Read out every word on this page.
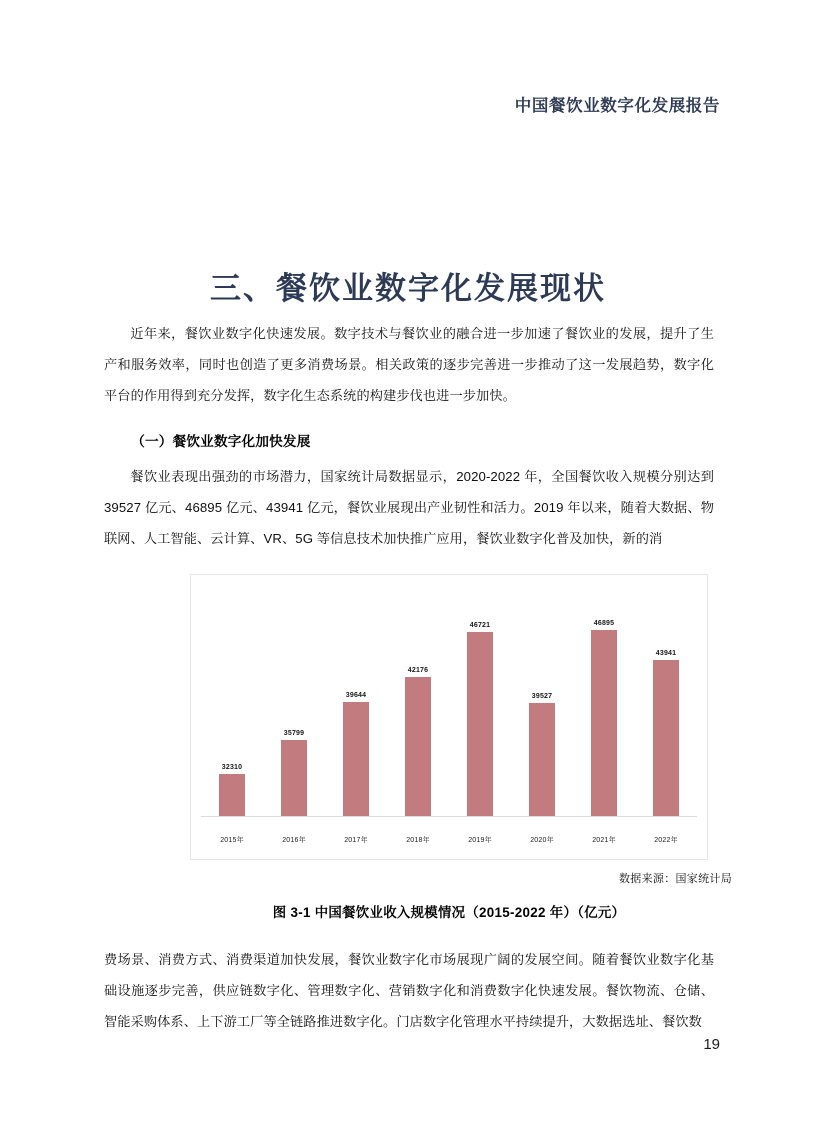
中国餐饮业数字化发展报告
三、餐饮业数字化发展现状

近年来，餐饮业数字化快速发展。数字技术与餐饮业的融合进一步加速了餐饮业的发展，提升了生产和服务效率，同时也创造了更多消费场景。相关政策的逐步完善进一步推动了这一发展趋势，数字化平台的作用得到充分发挥，数字化生态系统的构建步伐也进一步加快。

（一）餐饮业数字化加快发展

餐饮业表现出强劲的市场潜力，国家统计局数据显示，2020-2022 年，全国餐饮收入规模分别达到 39527 亿元、46895 亿元、43941 亿元，餐饮业展现出产业韧性和活力。2019 年以来，随着大数据、物联网、人工智能、云计算、VR、5G 等信息技术加快推广应用，餐饮业数字化普及加快，新的消

32310
35799
39644
42176
46721
39527
46895
43941
2015年	2016年	2017年	2018年	2019年	2020年	2021年	2022年
数据来源：国家统计局
图 3-1 中国餐饮业收入规模情况（2015-2022 年）（亿元）

费场景、消费方式、消费渠道加快发展，餐饮业数字化市场展现广阔的发展空间。随着餐饮业数字化基础设施逐步完善，供应链数字化、管理数字化、营销数字化和消费数字化快速发展。餐饮物流、仓储、智能采购体系、上下游工厂等全链路推进数字化。门店数字化管理水平持续提升，大数据选址、餐饮数

19
